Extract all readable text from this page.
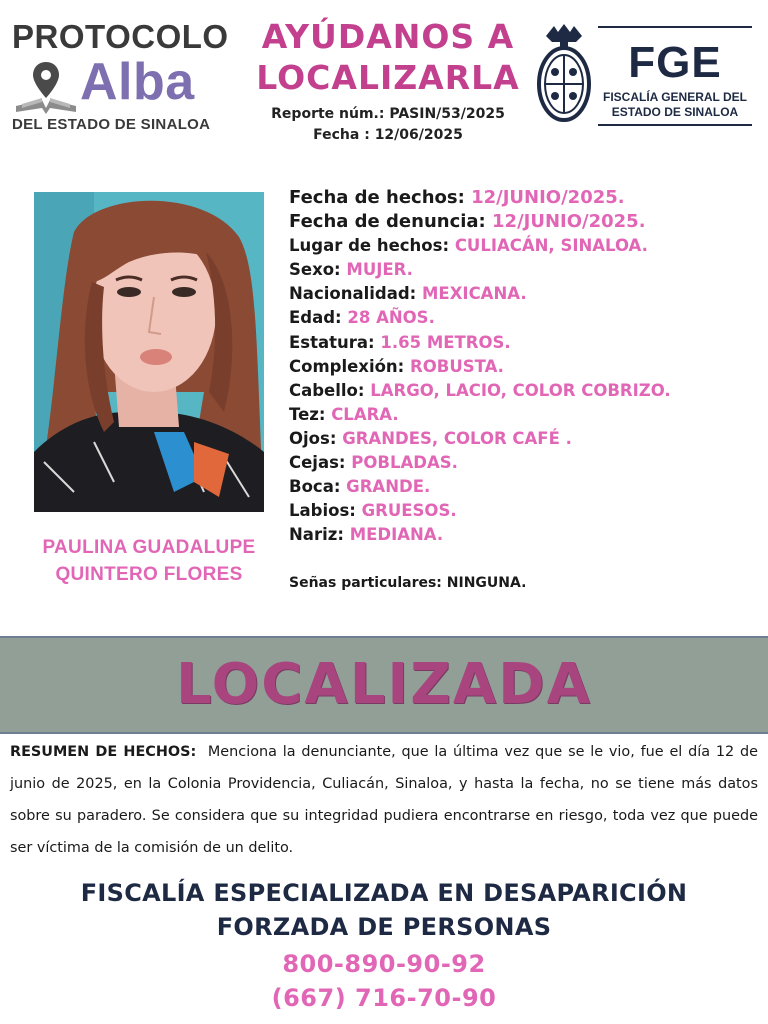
PROTOCOLO
Alba
DEL ESTADO DE SINALOA
AYÚDANOS A
LOCALIZARLA
Reporte núm.: PASIN/53/2025
Fecha : 12/06/2025
FGE
FISCALÍA GENERAL DEL
ESTADO DE SINALOA
PAULINA GUADALUPE
QUINTERO FLORES
Fecha de hechos: 12/JUNIO/2025.
Fecha de denuncia: 12/JUNIO/2025.
Lugar de hechos: CULIACÁN, SINALOA.
Sexo: MUJER.
Nacionalidad: MEXICANA.
Edad: 28 AÑOS.
Estatura: 1.65 METROS.
Complexión: ROBUSTA.
Cabello: LARGO, LACIO, COLOR COBRIZO.
Tez: CLARA.
Ojos: GRANDES, COLOR CAFÉ .
Cejas: POBLADAS.
Boca: GRANDE.
Labios: GRUESOS.
Nariz: MEDIANA.
Señas particulares: NINGUNA.
LOCALIZADA
RESUMEN DE HECHOS: Menciona la denunciante, que la última vez que se le vio, fue el día 12 de junio de 2025, en la Colonia Providencia, Culiacán, Sinaloa, y hasta la fecha, no se tiene más datos sobre su paradero. Se considera que su integridad pudiera encontrarse en riesgo, toda vez que puede ser víctima de la comisión de un delito.
FISCALÍA ESPECIALIZADA EN DESAPARICIÓN
FORZADA DE PERSONAS
800-890-90-92
(667) 716-70-90
